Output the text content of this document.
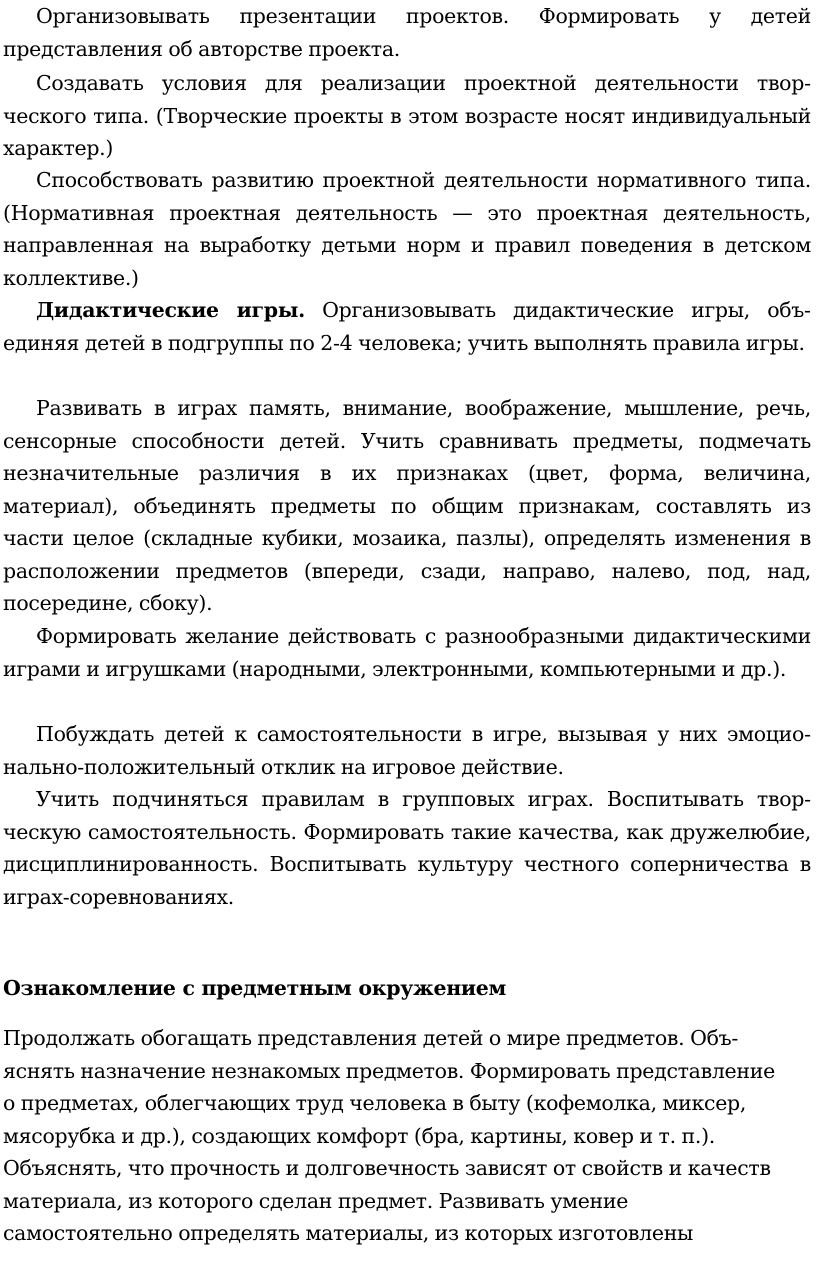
Организовывать презентации проектов. Формировать у детей

представления об авторстве проекта.

Создавать условия для реализации проектной деятельности творческого типа. (Творческие проекты в этом возрасте носят индивидуальный характер.)

Способствовать развитию проектной деятельности нормативного типа. (Нормативная проектная деятельность — это проектная деятельность, направленная на выработку детьми норм и правил поведения в детском коллективе.)

Дидактические игры. Организовывать дидактические игры, объединяя детей в подгруппы по 2-4 человека; учить выполнять правила игры.

Развивать в играх память, внимание, воображение, мышление, речь, сенсорные способности детей. Учить сравнивать предметы, подмечать незначительные различия в их признаках (цвет, форма, величина, материал), объединять предметы по общим признакам, составлять из части целое (складные кубики, мозаика, пазлы), определять изменения в расположении предметов (впереди, сзади, направо, налево, под, над, посередине, сбоку).

Формировать желание действовать с разнообразными дидактическими играми и игрушками (народными, электронными, компьютерными и др.).

Побуждать детей к самостоятельности в игре, вызывая у них эмоционально-положительный отклик на игровое действие.

Учить подчиняться правилам в групповых играх. Воспитывать творческую самостоятельность. Формировать такие качества, как дружелюбие, дисциплинированность. Воспитывать культуру честного соперничества в играх-соревнованиях.

Ознакомление с предметным окружением
Продолжать обогащать представления детей о мире предметов. Объ-
яснять назначение незнакомых предметов. Формировать представление
о предметах, облегчающих труд человека в быту (кофемолка, миксер,
мясорубка и др.), создающих комфорт (бра, картины, ковер и т. п.).
Объяснять, что прочность и долговечность зависят от свойств и качеств
материала, из которого сделан предмет. Развивать умение
самостоятельно определять материалы, из которых изготовлены
